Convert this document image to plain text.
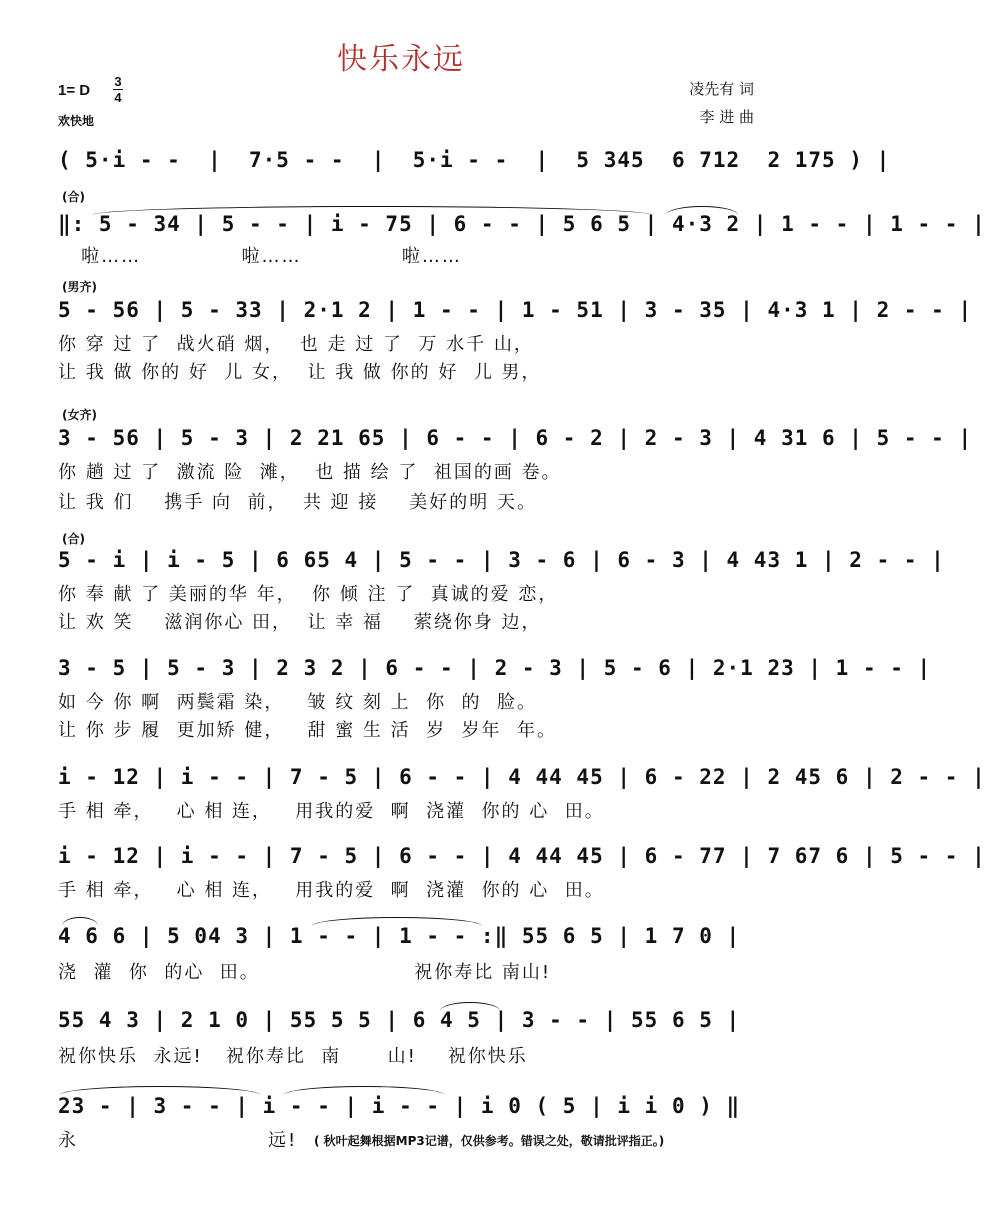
快乐永远
1= D
3
4
欢快地
凌先有 词
李 进 曲
( 5·i - -  |  7·5 - -  |  5·i - -  |  5 345  6 712  2 175 ) |
(合)
‖: 5 - 34 | 5 - - | i - 75 | 6 - - | 5 6 5 | 4·3 2 | 1 - - | 1 - - |
啦……             啦……             啦……
(男齐)
5 - 56 | 5 - 33 | 2·1 2 | 1 - - | 1 - 51 | 3 - 35 | 4·3 1 | 2 - - |
你 穿 过 了  战火硝 烟，  也 走 过 了  万 水千 山，
让 我 做 你的 好  儿 女，  让 我 做 你的 好  儿 男，
(女齐)
3 - 56 | 5 - 3 | 2 21 65 | 6 - - | 6 - 2 | 2 - 3 | 4 31 6 | 5 - - |
你 趟 过 了  激流 险  滩，  也 描 绘 了  祖国的画 卷。
让 我 们    携手 向  前，  共 迎 接    美好的明 天。
(合)
5 - i | i - 5 | 6 65 4 | 5 - - | 3 - 6 | 6 - 3 | 4 43 1 | 2 - - |
你 奉 献 了 美丽的华 年，  你 倾 注 了  真诚的爱 恋，
让 欢 笑    滋润你心 田，  让 幸 福    萦绕你身 边，
3 - 5 | 5 - 3 | 2 3 2 | 6 - - | 2 - 3 | 5 - 6 | 2·1 23 | 1 - - |
如 今 你 啊  两鬓霜 染，   皱 纹 刻 上  你  的  脸。
让 你 步 履  更加矫 健，   甜 蜜 生 活  岁  岁年  年。
i - 12 | i - - | 7 - 5 | 6 - - | 4 44 45 | 6 - 22 | 2 45 6 | 2 - - |
手 相 牵，   心 相 连，   用我的爱  啊  浇灌  你的 心  田。
i - 12 | i - - | 7 - 5 | 6 - - | 4 44 45 | 6 - 77 | 7 67 6 | 5 - - |
手 相 牵，   心 相 连，   用我的爱  啊  浇灌  你的 心  田。
4 6 6 | 5 04 3 | 1 - - | 1 - - :‖ 55 6 5 | 1 7 0 |
浇  灌  你  的心  田。                    祝你寿比 南山!
55 4 3 | 2 1 0 | 55 5 5 | 6 4 5 | 3 - - | 55 6 5 |
祝你快乐  永远!   祝你寿比  南      山!    祝你快乐
23 - | 3 - - | i - - | i - - | i 0 ( 5 | i i 0 ) ‖
永	远!	( 秋叶起舞根据MP3记谱，仅供参考。错误之处，敬请批评指正。)
